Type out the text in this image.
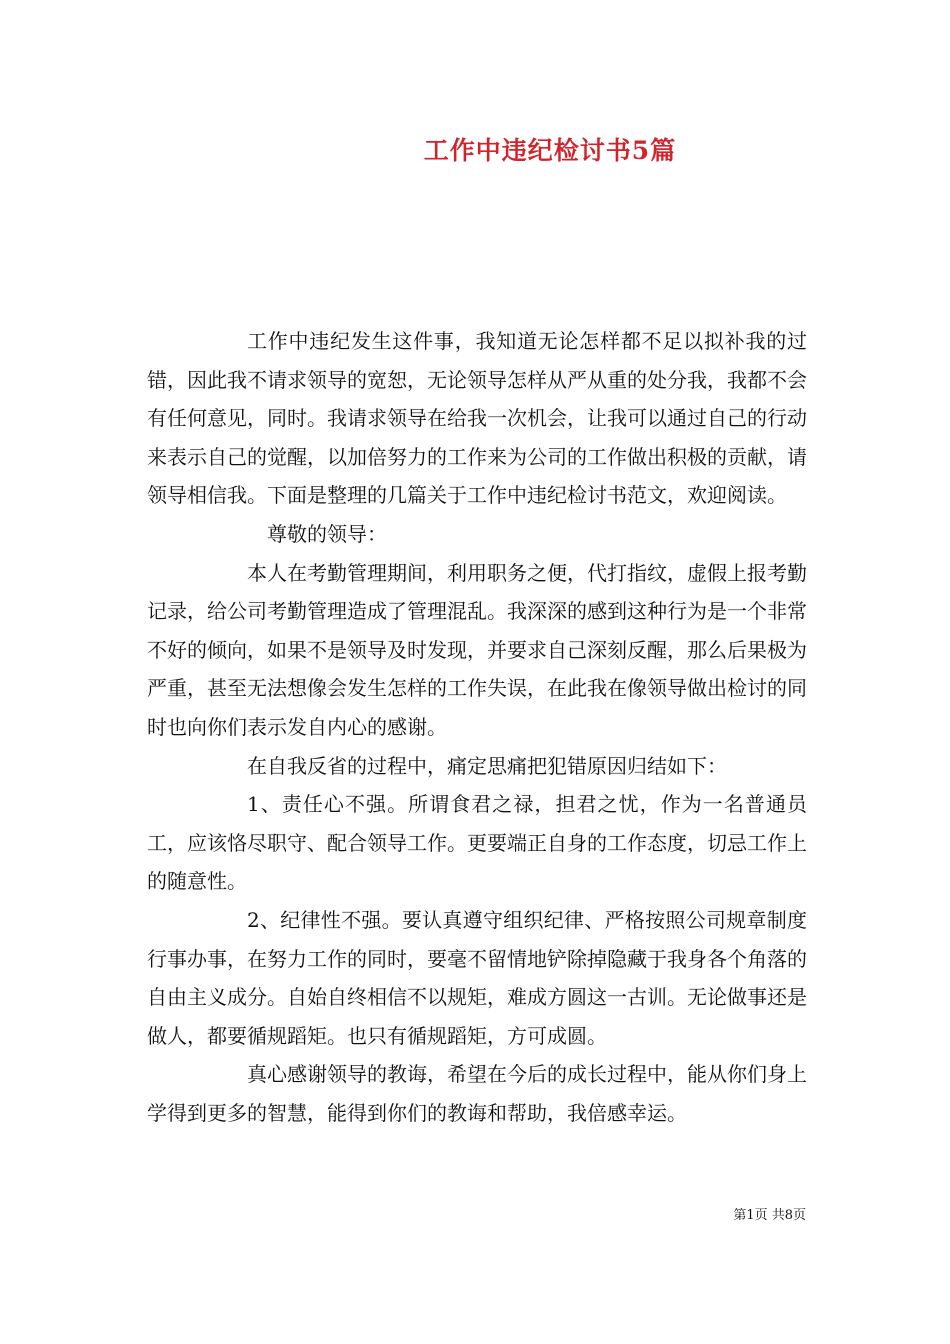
工作中违纪检讨书5篇

工作中违纪发生这件事，我知道无论怎样都不足以拟补我的过错，因此我不请求领导的宽恕，无论领导怎样从严从重的处分我，我都不会有任何意见，同时。我请求领导在给我一次机会，让我可以通过自己的行动来表示自己的觉醒，以加倍努力的工作来为公司的工作做出积极的贡献，请领导相信我。下面是整理的几篇关于工作中违纪检讨书范文，欢迎阅读。

尊敬的领导：

本人在考勤管理期间，利用职务之便，代打指纹，虚假上报考勤记录，给公司考勤管理造成了管理混乱。我深深的感到这种行为是一个非常不好的倾向，如果不是领导及时发现，并要求自己深刻反醒，那么后果极为严重，甚至无法想像会发生怎样的工作失误，在此我在像领导做出检讨的同时也向你们表示发自内心的感谢。

在自我反省的过程中，痛定思痛把犯错原因归结如下：

1、责任心不强。所谓食君之禄，担君之忧，作为一名普通员工，应该恪尽职守、配合领导工作。更要端正自身的工作态度，切忌工作上的随意性。

2、纪律性不强。要认真遵守组织纪律、严格按照公司规章制度行事办事，在努力工作的同时，要毫不留情地铲除掉隐藏于我身各个角落的自由主义成分。自始自终相信不以规矩，难成方圆这一古训。无论做事还是做人，都要循规蹈矩。也只有循规蹈矩，方可成圆。

真心感谢领导的教诲，希望在今后的成长过程中，能从你们身上学得到更多的智慧，能得到你们的教诲和帮助，我倍感幸运。

第1页 共8页
